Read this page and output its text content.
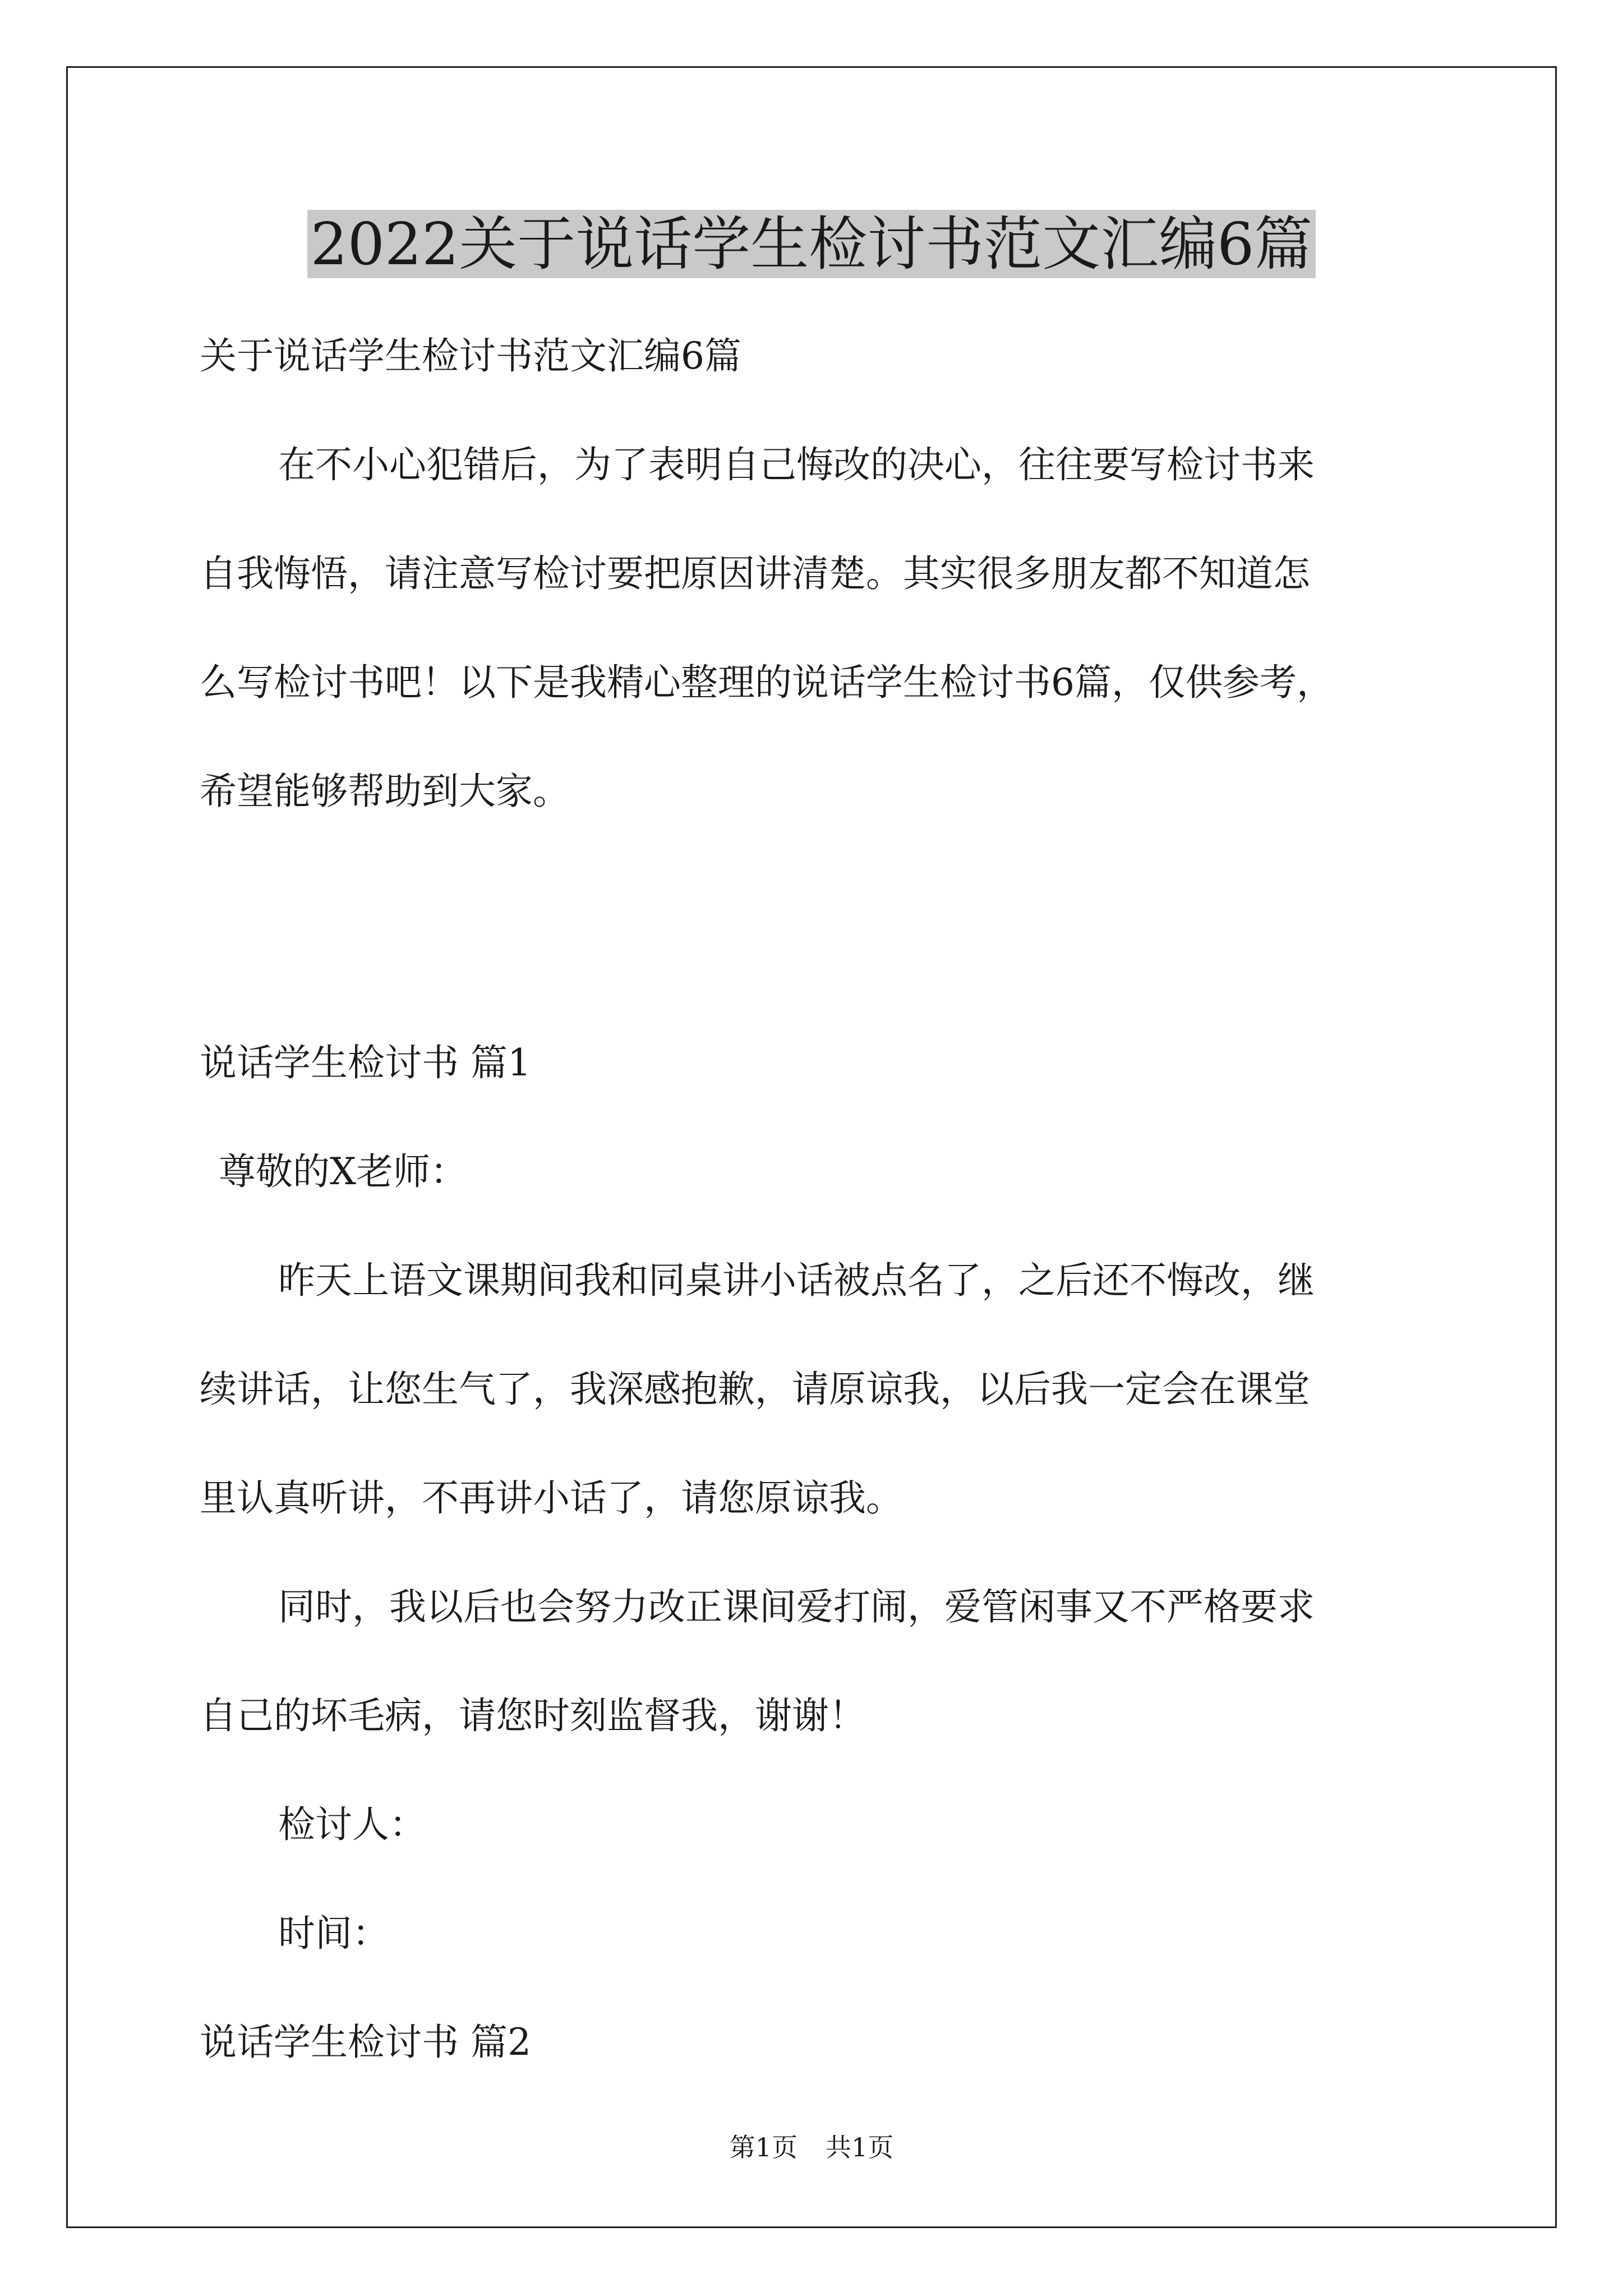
2022关于说话学生检讨书范文汇编6篇

关于说话学生检讨书范文汇编6篇

在不小心犯错后，为了表明自己悔改的决心，往往要写检讨书来

自我悔悟，请注意写检讨要把原因讲清楚。其实很多朋友都不知道怎

么写检讨书吧！以下是我精心整理的说话学生检讨书6篇，仅供参考，

希望能够帮助到大家。

说话学生检讨书 篇1

尊敬的X老师：

昨天上语文课期间我和同桌讲小话被点名了，之后还不悔改，继

续讲话，让您生气了，我深感抱歉，请原谅我，以后我一定会在课堂

里认真听讲，不再讲小话了，请您原谅我。

同时，我以后也会努力改正课间爱打闹，爱管闲事又不严格要求

自己的坏毛病，请您时刻监督我，谢谢！

检讨人：

时间：

说话学生检讨书 篇2

第1页 共1页
